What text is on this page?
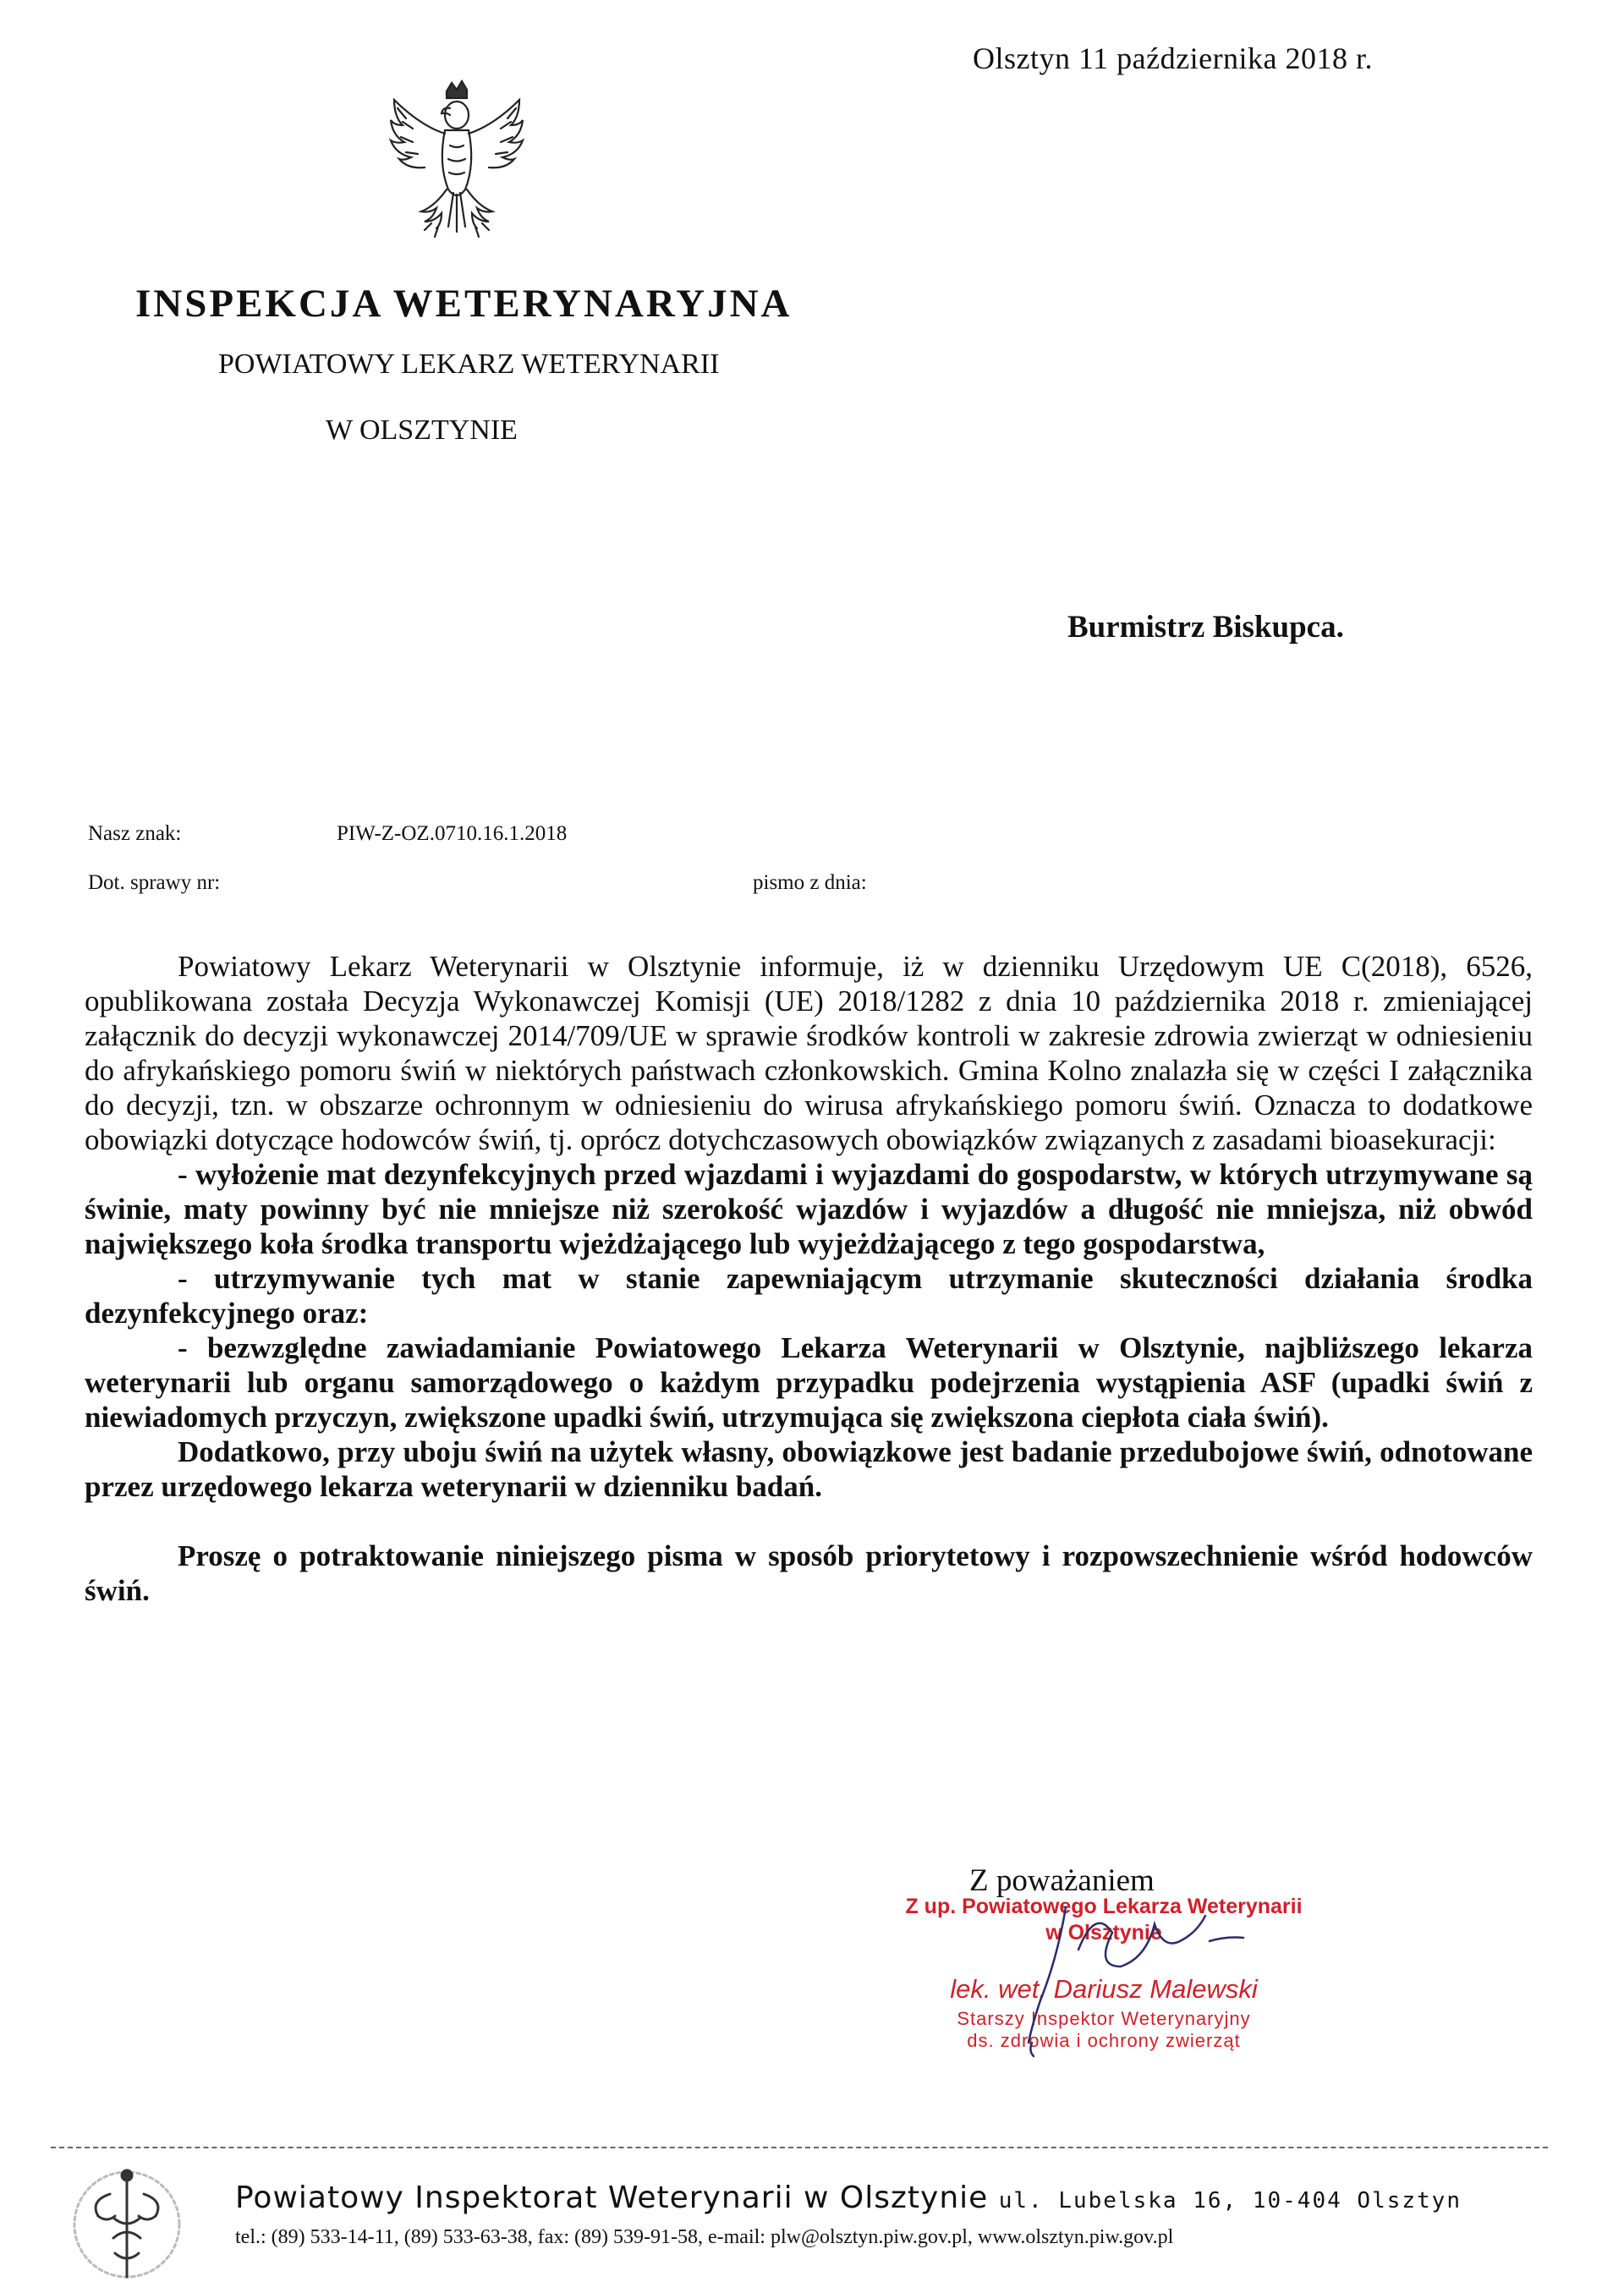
Olsztyn 11 października 2018 r.
INSPEKCJA WETERYNARYJNA
POWIATOWY LEKARZ WETERYNARII
W OLSZTYNIE
Burmistrz Biskupca.
Nasz znak:	PIW-Z-OZ.0710.16.1.2018
Dot. sprawy nr:	pismo z dnia:

Powiatowy Lekarz Weterynarii w Olsztynie informuje, iż w dzienniku Urzędowym UE C(2018), 6526, opublikowana została Decyzja Wykonawczej Komisji (UE) 2018/1282 z dnia 10 października 2018 r. zmieniającej załącznik do decyzji wykonawczej 2014/709/UE w sprawie środków kontroli w zakresie zdrowia zwierząt w odniesieniu do afrykańskiego pomoru świń w niektórych państwach członkowskich. Gmina Kolno znalazła się w części I załącznika do decyzji, tzn. w obszarze ochronnym w odniesieniu do wirusa afrykańskiego pomoru świń. Oznacza to dodatkowe obowiązki dotyczące hodowców świń, tj. oprócz dotychczasowych obowiązków związanych z zasadami bioasekuracji:

- wyłożenie mat dezynfekcyjnych przed wjazdami i wyjazdami do gospodarstw, w których utrzymywane są świnie, maty powinny być nie mniejsze niż szerokość wjazdów i wyjazdów a długość nie mniejsza, niż obwód największego koła środka transportu wjeżdżającego lub wyjeżdżającego z tego gospodarstwa,

- utrzymywanie tych mat w stanie zapewniającym utrzymanie skuteczności działania środka dezynfekcyjnego oraz:

- bezwzględne zawiadamianie Powiatowego Lekarza Weterynarii w Olsztynie, najbliższego lekarza weterynarii lub organu samorządowego o każdym przypadku podejrzenia wystąpienia ASF (upadki świń z niewiadomych przyczyn, zwiększone upadki świń, utrzymująca się zwiększona ciepłota ciała świń).

Dodatkowo, przy uboju świń na użytek własny, obowiązkowe jest badanie przedubojowe świń, odnotowane przez urzędowego lekarza weterynarii w dzienniku badań.

Proszę o potraktowanie niniejszego pisma w sposób priorytetowy i rozpowszechnienie wśród hodowców świń.

Z poważaniem
Z up. Powiatowego Lekarza Weterynarii
w Olsztynie
lek. wet. Dariusz Malewski
Starszy Inspektor Weterynaryjny
ds. zdrowia i ochrony zwierząt
Powiatowy Inspektorat Weterynarii w Olsztynie ul. Lubelska 16, 10-404 Olsztyn
tel.: (89) 533-14-11, (89) 533-63-38, fax: (89) 539-91-58, e-mail: plw@olsztyn.piw.gov.pl, www.olsztyn.piw.gov.pl
